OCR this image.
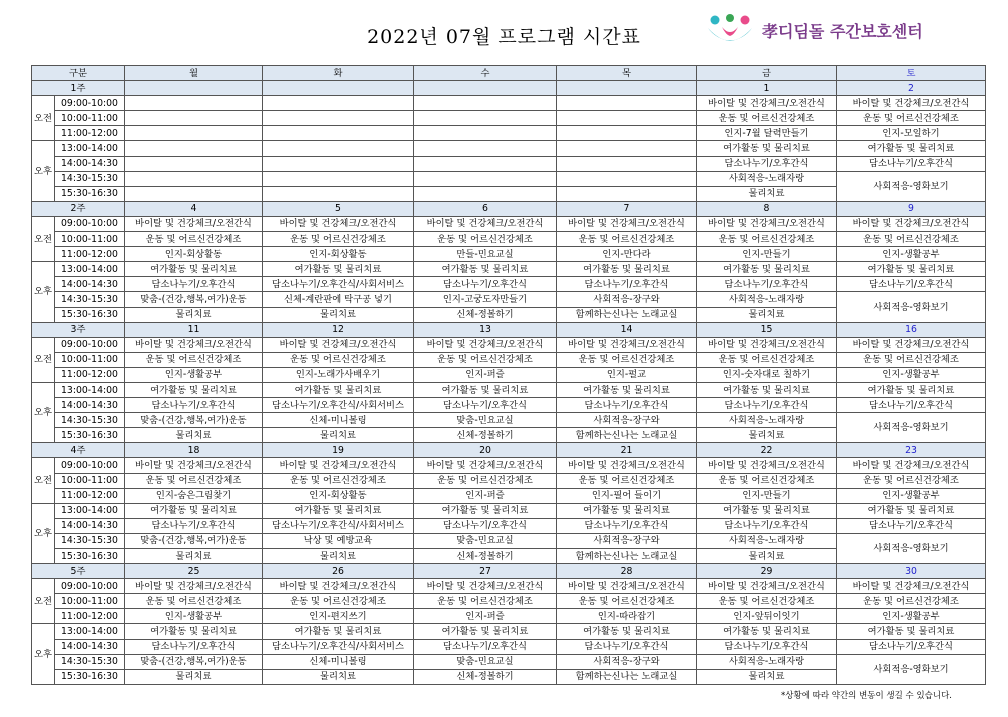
2022년 07월 프로그램 시간표	孝디딤돌 주간보호센터
구분		월	화	수	목	금	토
1주						1	2
오전	09:00-10:00					바이탈 및 건강체크/오전간식	바이탈 및 건강체크/오전간식
	10:00-11:00					운동 및 어르신건강체조	운동 및 어르신건강체조
	11:00-12:00					인지-7월 달력만들기	인지-모일하기
오후	13:00-14:00					여가활동 및 물리치료	여가활동 및 물리치료
	14:00-14:30					담소나누기/오후간식	담소나누기/오후간식
	14:30-15:30					사회적응-노래자랑	사회적응-영화보기
	15:30-16:30					물리치료	
2주		4	5	6	7	8	9
오전	09:00-10:00	바이탈 및 건강체크/오전간식	바이탈 및 건강체크/오전간식	바이탈 및 건강체크/오전간식	바이탈 및 건강체크/오전간식	바이탈 및 건강체크/오전간식	바이탈 및 건강체크/오전간식
	10:00-11:00	운동 및 어르신건강체조	운동 및 어르신건강체조	운동 및 어르신건강체조	운동 및 어르신건강체조	운동 및 어르신건강체조	운동 및 어르신건강체조
	11:00-12:00	인지-회상활동	인지-회상활동	만들-민요교실	인지-만다라	인지-만들기	인지-생활공부
오후	13:00-14:00	여가활동 및 물리치료	여가활동 및 물리치료	여가활동 및 물리치료	여가활동 및 물리치료	여가활동 및 물리치료	여가활동 및 물리치료
	14:00-14:30	담소나누기/오후간식	담소나누기/오후간식/사회서비스	담소나누기/오후간식	담소나누기/오후간식	담소나누기/오후간식	담소나누기/오후간식
	14:30-15:30	맞춤-(건강,행복,여가)운동	신체-계란판에 탁구공 넣기	인지-고궁도자만들기	사회적응-장구와	사회적응-노래자랑	사회적응-영화보기
	15:30-16:30	물리치료	물리치료	신체-정볼하기	함께하는신나는 노래교실	물리치료	
3주		11	12	13	14	15	16
오전	09:00-10:00	바이탈 및 건강체크/오전간식	바이탈 및 건강체크/오전간식	바이탈 및 건강체크/오전간식	바이탈 및 건강체크/오전간식	바이탈 및 건강체크/오전간식	바이탈 및 건강체크/오전간식
	10:00-11:00	운동 및 어르신건강체조	운동 및 어르신건강체조	운동 및 어르신건강체조	운동 및 어르신건강체조	운동 및 어르신건강체조	운동 및 어르신건강체조
	11:00-12:00	인지-생활공부	인지-노래가사배우기	인지-퍼즐	인지-펄교	인지-숫자대로 칠하기	인지-생활공부
오후	13:00-14:00	여가활동 및 물리치료	여가활동 및 물리치료	여가활동 및 물리치료	여가활동 및 물리치료	여가활동 및 물리치료	여가활동 및 물리치료
	14:00-14:30	담소나누기/오후간식	담소나누기/오후간식/사회서비스	담소나누기/오후간식	담소나누기/오후간식	담소나누기/오후간식	담소나누기/오후간식
	14:30-15:30	맞춤-(건강,행복,여가)운동	신체-미니볼링	맞춤-민요교실	사회적응-장구와	사회적응-노래자랑	사회적응-영화보기
	15:30-16:30	물리치료	물리치료	신체-정볼하기	함께하는신나는 노래교실	물리치료	
4주		18	19	20	21	22	23
오전	09:00-10:00	바이탈 및 건강체크/오전간식	바이탈 및 건강체크/오전간식	바이탈 및 건강체크/오전간식	바이탈 및 건강체크/오전간식	바이탈 및 건강체크/오전간식	바이탈 및 건강체크/오전간식
	10:00-11:00	운동 및 어르신건강체조	운동 및 어르신건강체조	운동 및 어르신건강체조	운동 및 어르신건강체조	운동 및 어르신건강체조	운동 및 어르신건강체조
	11:00-12:00	인지-숨은그림찾기	인지-회상활동	인지-퍼즐	인지-필어 들이기	인지-만들기	인지-생활공부
오후	13:00-14:00	여가활동 및 물리치료	여가활동 및 물리치료	여가활동 및 물리치료	여가활동 및 물리치료	여가활동 및 물리치료	여가활동 및 물리치료
	14:00-14:30	담소나누기/오후간식	담소나누기/오후간식/사회서비스	담소나누기/오후간식	담소나누기/오후간식	담소나누기/오후간식	담소나누기/오후간식
	14:30-15:30	맞춤-(건강,행복,여가)운동	낙상 및 예방교육	맞춤-민요교실	사회적응-장구와	사회적응-노래자랑	사회적응-영화보기
	15:30-16:30	물리치료	물리치료	신체-정볼하기	함께하는신나는 노래교실	물리치료	
5주		25	26	27	28	29	30
오전	09:00-10:00	바이탈 및 건강체크/오전간식	바이탈 및 건강체크/오전간식	바이탈 및 건강체크/오전간식	바이탈 및 건강체크/오전간식	바이탈 및 건강체크/오전간식	바이탈 및 건강체크/오전간식
	10:00-11:00	운동 및 어르신건강체조	운동 및 어르신건강체조	운동 및 어르신건강체조	운동 및 어르신건강체조	운동 및 어르신건강체조	운동 및 어르신건강체조
	11:00-12:00	인지-생활공부	인지-편지쓰기	인지-퍼즐	인지-따라잡기	인지-앞뒤이잇기	인지-생활공부
오후	13:00-14:00	여가활동 및 물리치료	여가활동 및 물리치료	여가활동 및 물리치료	여가활동 및 물리치료	여가활동 및 물리치료	여가활동 및 물리치료
	14:00-14:30	담소나누기/오후간식	담소나누기/오후간식/사회서비스	담소나누기/오후간식	담소나누기/오후간식	담소나누기/오후간식	담소나누기/오후간식
	14:30-15:30	맞춤-(건강,행복,여가)운동	신체-미니볼링	맞춤-민요교실	사회적응-장구와	사회적응-노래자랑	사회적응-영화보기
	15:30-16:30	물리치료	물리치료	신체-정볼하기	함께하는신나는 노래교실	물리치료	
*상황에 따라 약간의 변동이 생길 수 있습니다.
